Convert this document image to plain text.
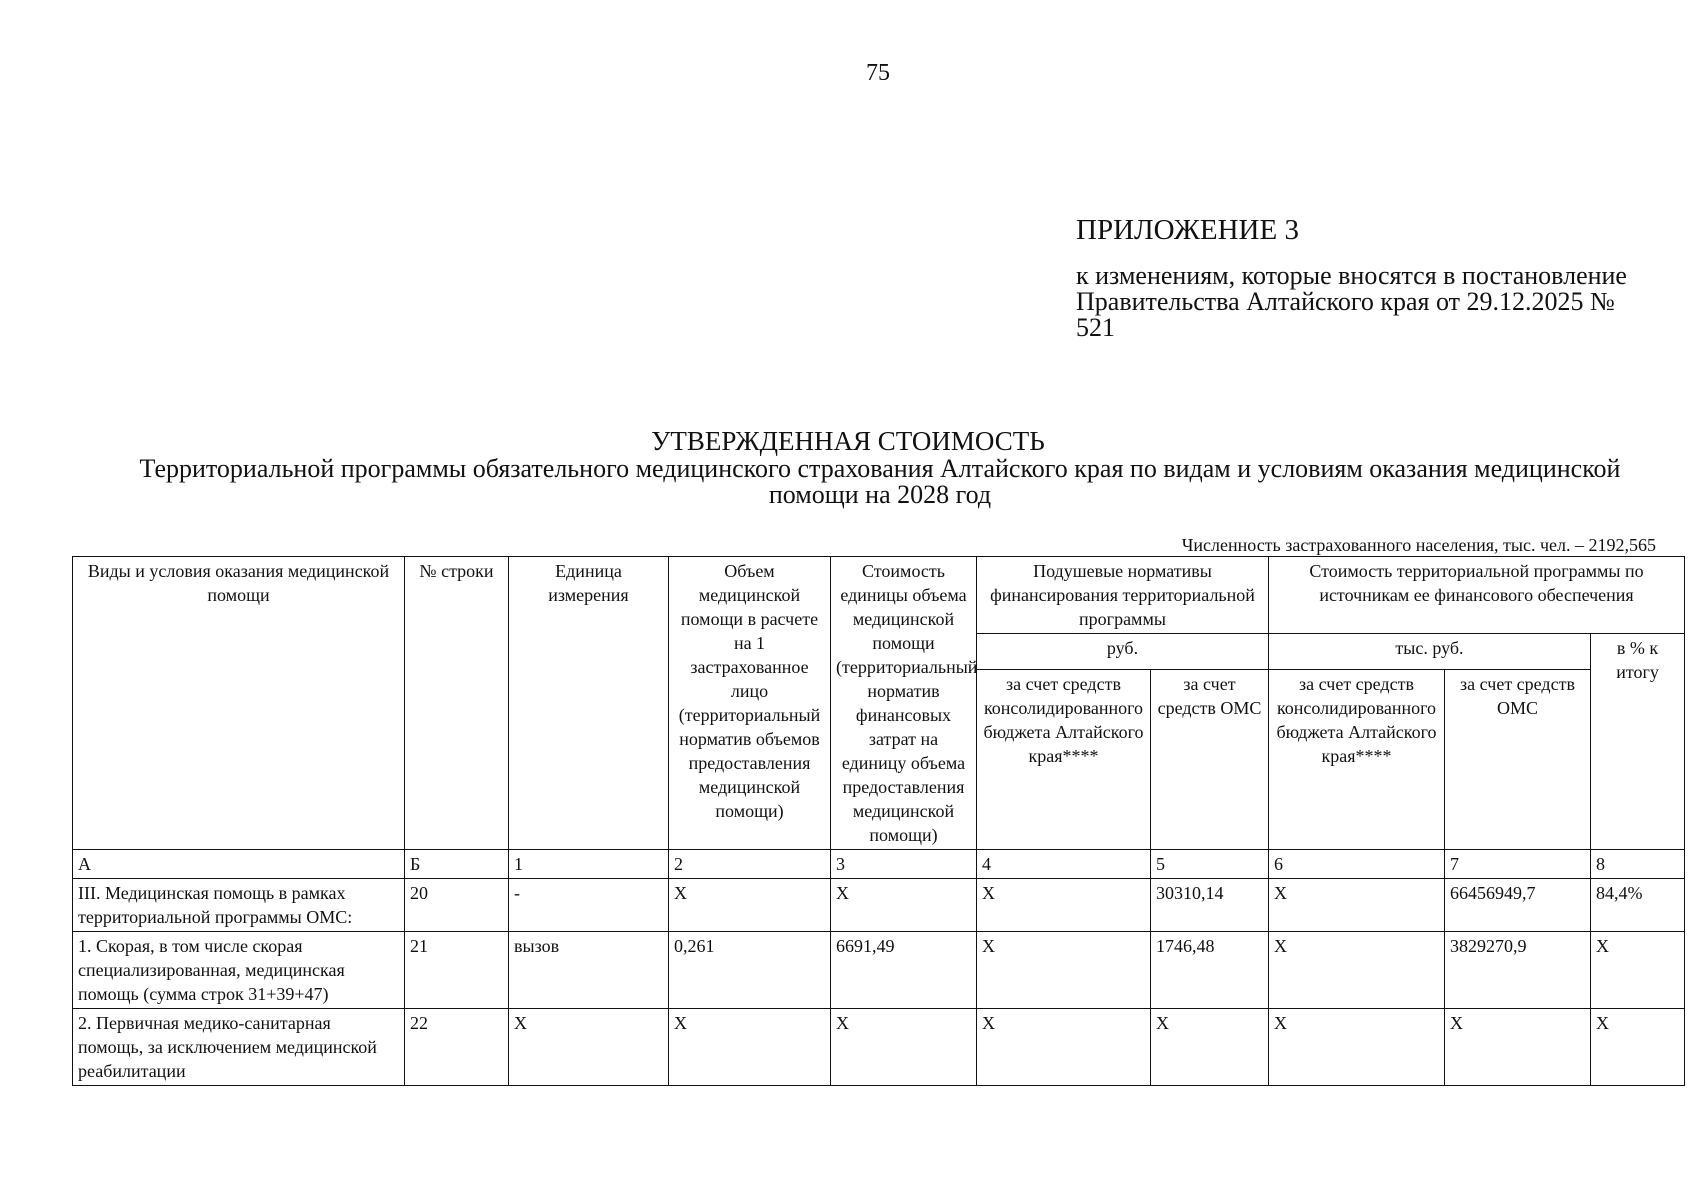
75
ПРИЛОЖЕНИЕ 3
к изменениям, которые вносятся в постановление Правительства Алтайского края от 29.12.2025 № 521
УТВЕРЖДЕННАЯ СТОИМОСТЬ
Территориальной программы обязательного медицинского страхования Алтайского края по видам и условиям оказания медицинской помощи на 2028 год
Численность застрахованного населения, тыс. чел. – 2192,565
Виды и условия оказания медицинской помощи	№ строки	Единица измерения	Объем медицинской помощи в расчете на 1 застрахованное лицо (территориальный норматив объемов предоставления медицинской помощи)	Стоимость единицы объема медицинской помощи (территориальный норматив финансовых затрат на единицу объема предоставления медицинской помощи)	Подушевые нормативы финансирования территориальной программы		Стоимость территориальной программы по источникам ее финансового обеспечения		
					руб.		тыс. руб.		в % к итогу
					за счет средств консолидированного бюджета Алтайского края****	за счет средств ОМС	за счет средств консолидированного бюджета Алтайского края****	за счет средств ОМС	
А	Б	1	2	3	4	5	6	7	8
III. Медицинская помощь в рамках территориальной программы ОМС:	20	-	X	X	X	30310,14	X	66456949,7	84,4%
1. Скорая, в том числе скорая специализированная, медицинская помощь (сумма строк 31+39+47)	21	вызов	0,261	6691,49	X	1746,48	X	3829270,9	X
2. Первичная медико-санитарная помощь, за исключением медицинской реабилитации	22	X	X	X	X	X	X	X	X
